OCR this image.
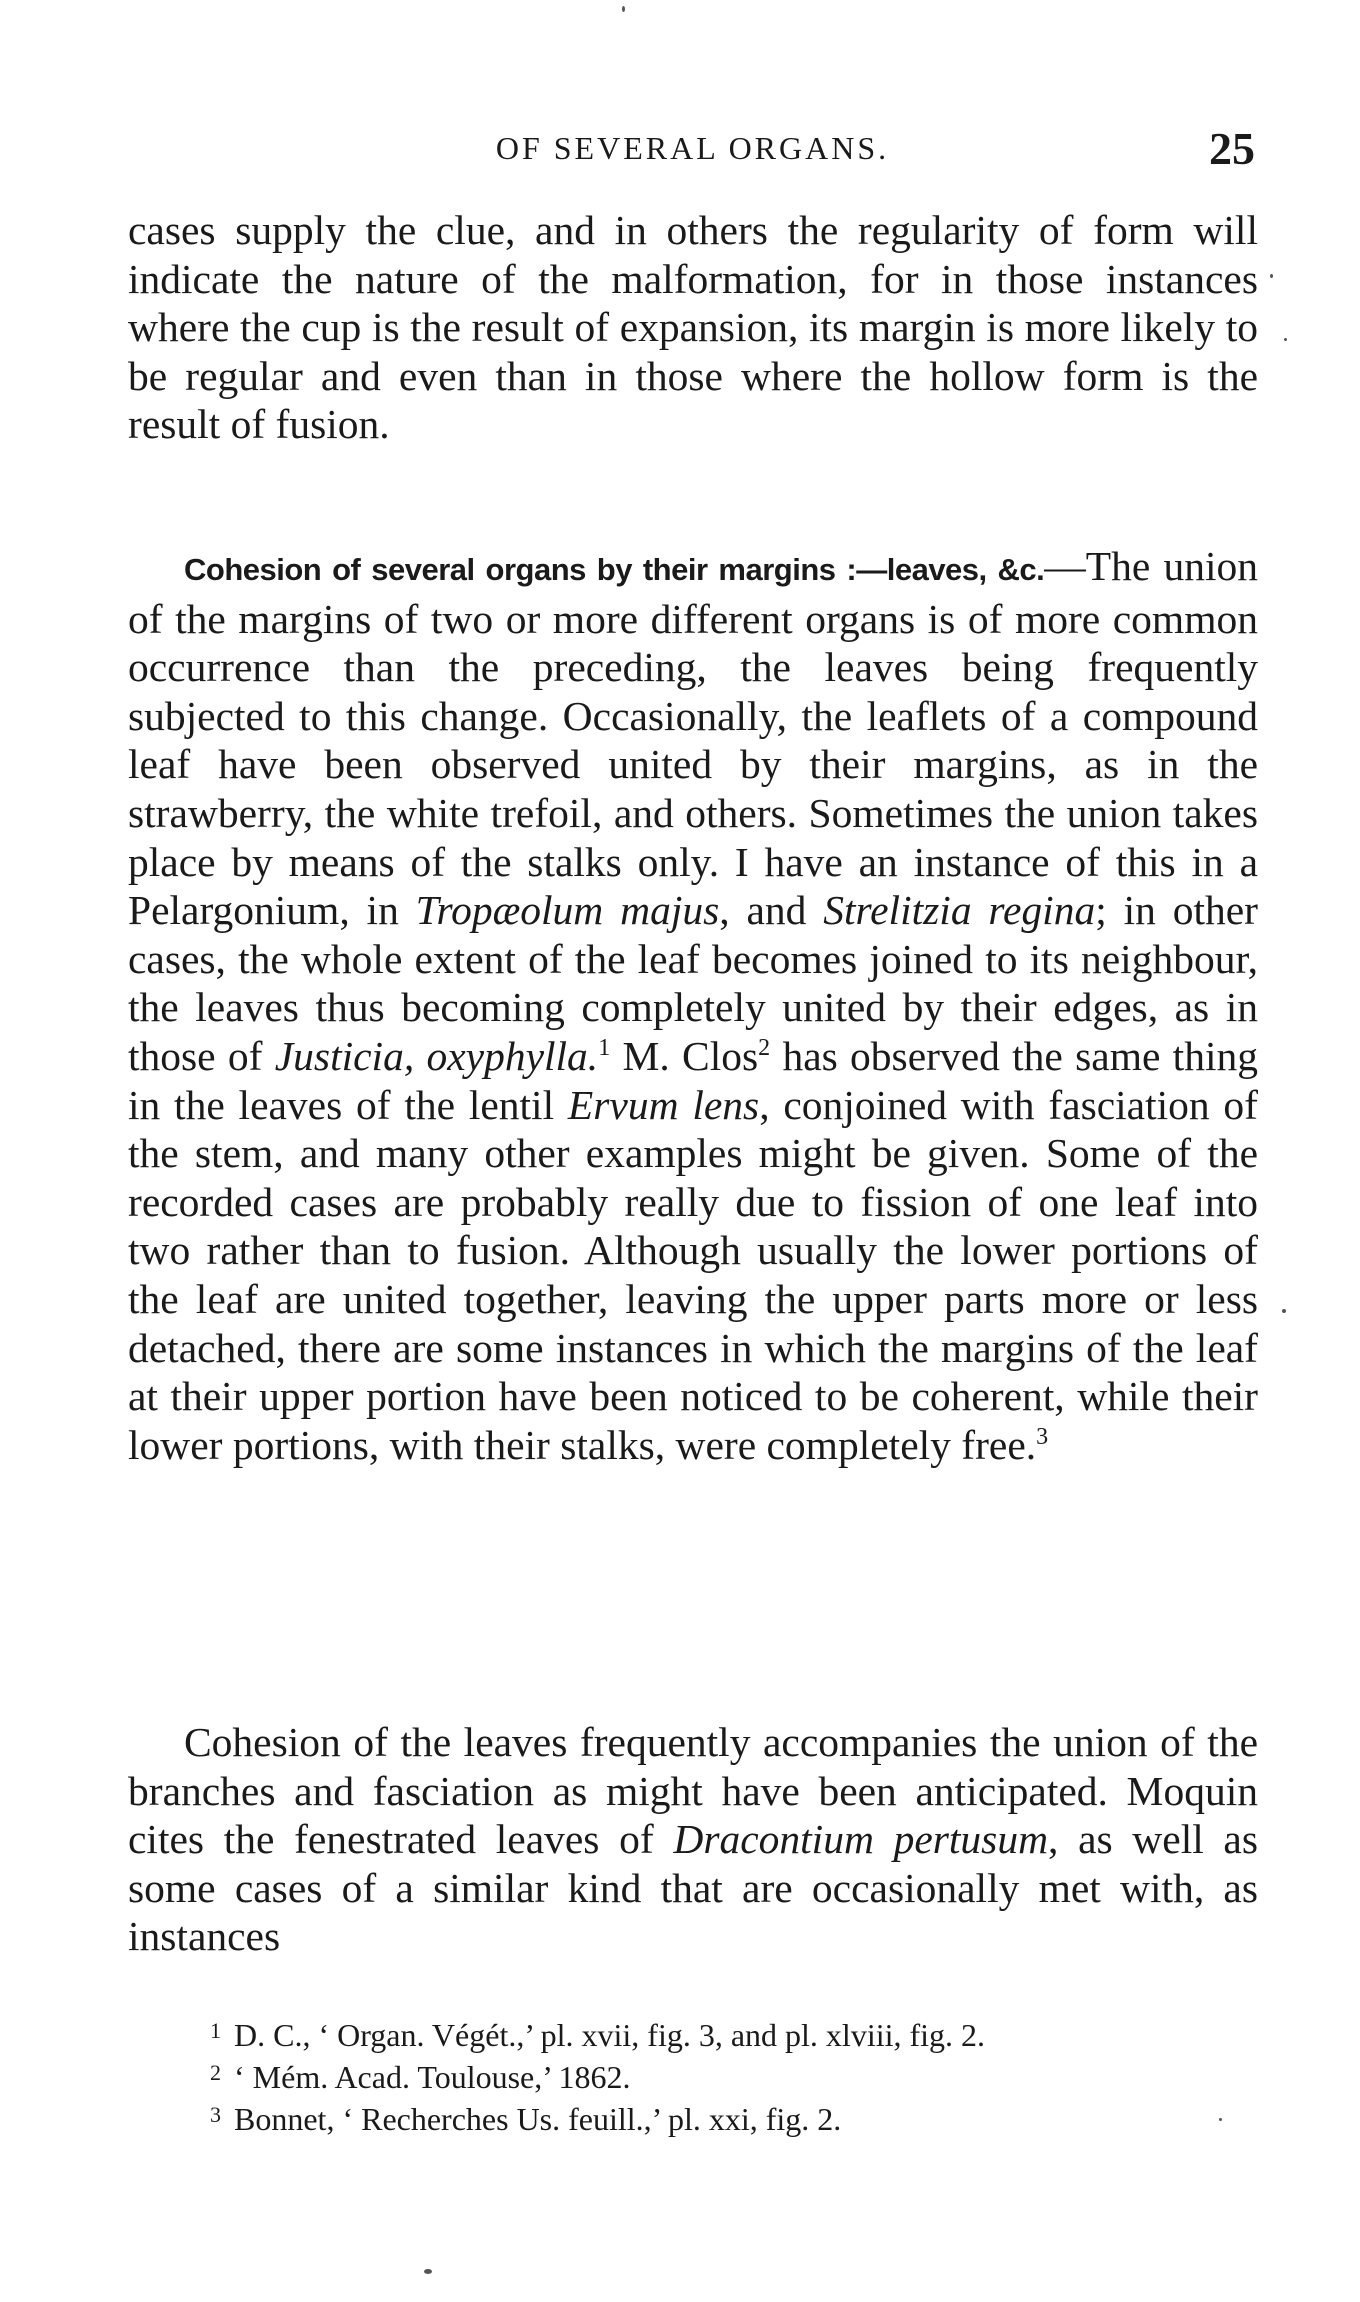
OF SEVERAL ORGANS.	25

cases supply the clue, and in others the regularity of form will indicate the nature of the malformation, for in those instances where the cup is the result of expansion, its margin is more likely to be regular and even than in those where the hollow form is the result of fusion.

Cohesion of several organs by their margins :—leaves, &c.—The union of the margins of two or more different organs is of more common occurrence than the preceding, the leaves being frequently subjected to this change. Occasionally, the leaflets of a compound leaf have been observed united by their margins, as in the strawberry, the white trefoil, and others. Sometimes the union takes place by means of the stalks only. I have an instance of this in a Pelargonium, in Tropæolum majus, and Strelitzia regina; in other cases, the whole extent of the leaf becomes joined to its neighbour, the leaves thus becoming completely united by their edges, as in those of Justicia, oxyphylla.$^1$ M. Clos$^2$ has observed the same thing in the leaves of the lentil Ervum lens, conjoined with fasciation of the stem, and many other examples might be given. Some of the recorded cases are probably really due to fission of one leaf into two rather than to fusion. Although usually the lower portions of the leaf are united together, leaving the upper parts more or less detached, there are some instances in which the margins of the leaf at their upper portion have been noticed to be coherent, while their lower portions, with their stalks, were completely free.$^3$

Cohesion of the leaves frequently accompanies the union of the branches and fasciation as might have been anticipated. Moquin cites the fenestrated leaves of Dracontium pertusum, as well as some cases of a similar kind that are occasionally met with, as instances

1 D. C., ‘ Organ. Végét.,’ pl. xvii, fig. 3, and pl. xlviii, fig. 2.
2 ‘ Mém. Acad. Toulouse,’ 1862.
3 Bonnet, ‘ Recherches Us. feuill.,’ pl. xxi, fig. 2.
